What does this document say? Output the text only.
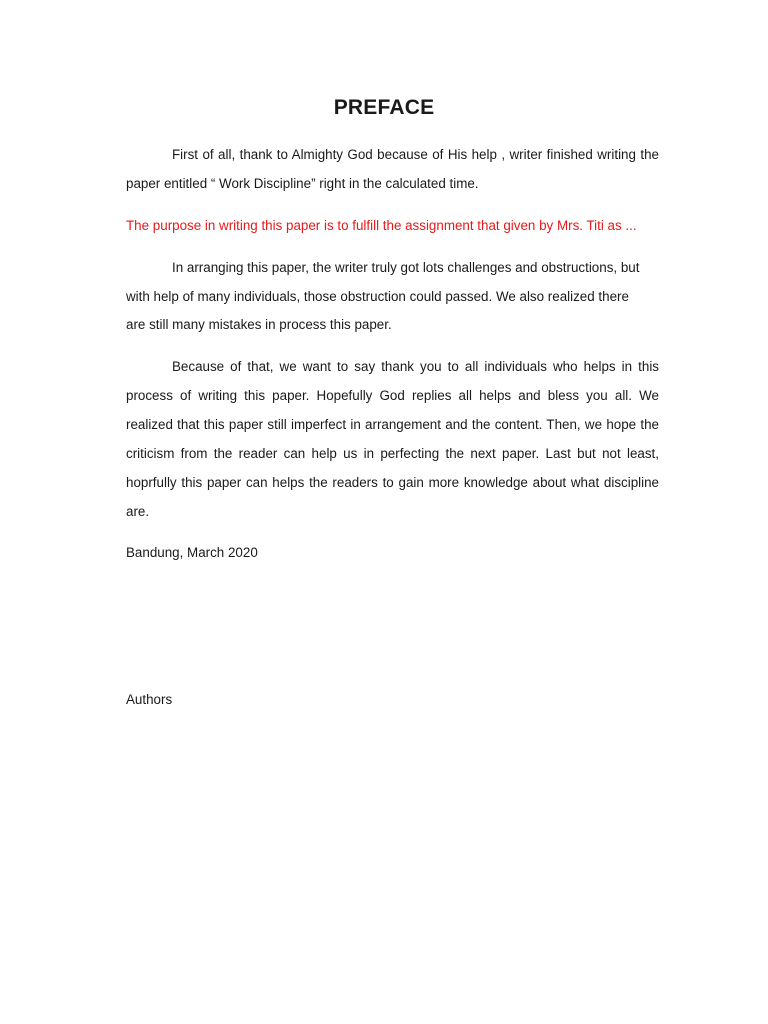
PREFACE

First of all, thank to Almighty God because of His help , writer finished writing the paper entitled “ Work Discipline” right in the calculated time.

The purpose in writing this paper is to fulfill the assignment that given by Mrs. Titi as ...

In arranging this paper, the writer truly got lots challenges and obstructions, but with help of many individuals, those obstruction could passed. We also realized there

are still many mistakes in process this paper.

Because of that, we want to say thank you to all individuals who helps in this process of writing this paper. Hopefully God replies all helps and bless you all. We realized that this paper still imperfect in arrangement and the content. Then, we hope the criticism from the reader can help us in perfecting the next paper. Last but not least, hoprfully this paper can helps the readers to gain more knowledge about what discipline are.

Bandung, March 2020

Authors
